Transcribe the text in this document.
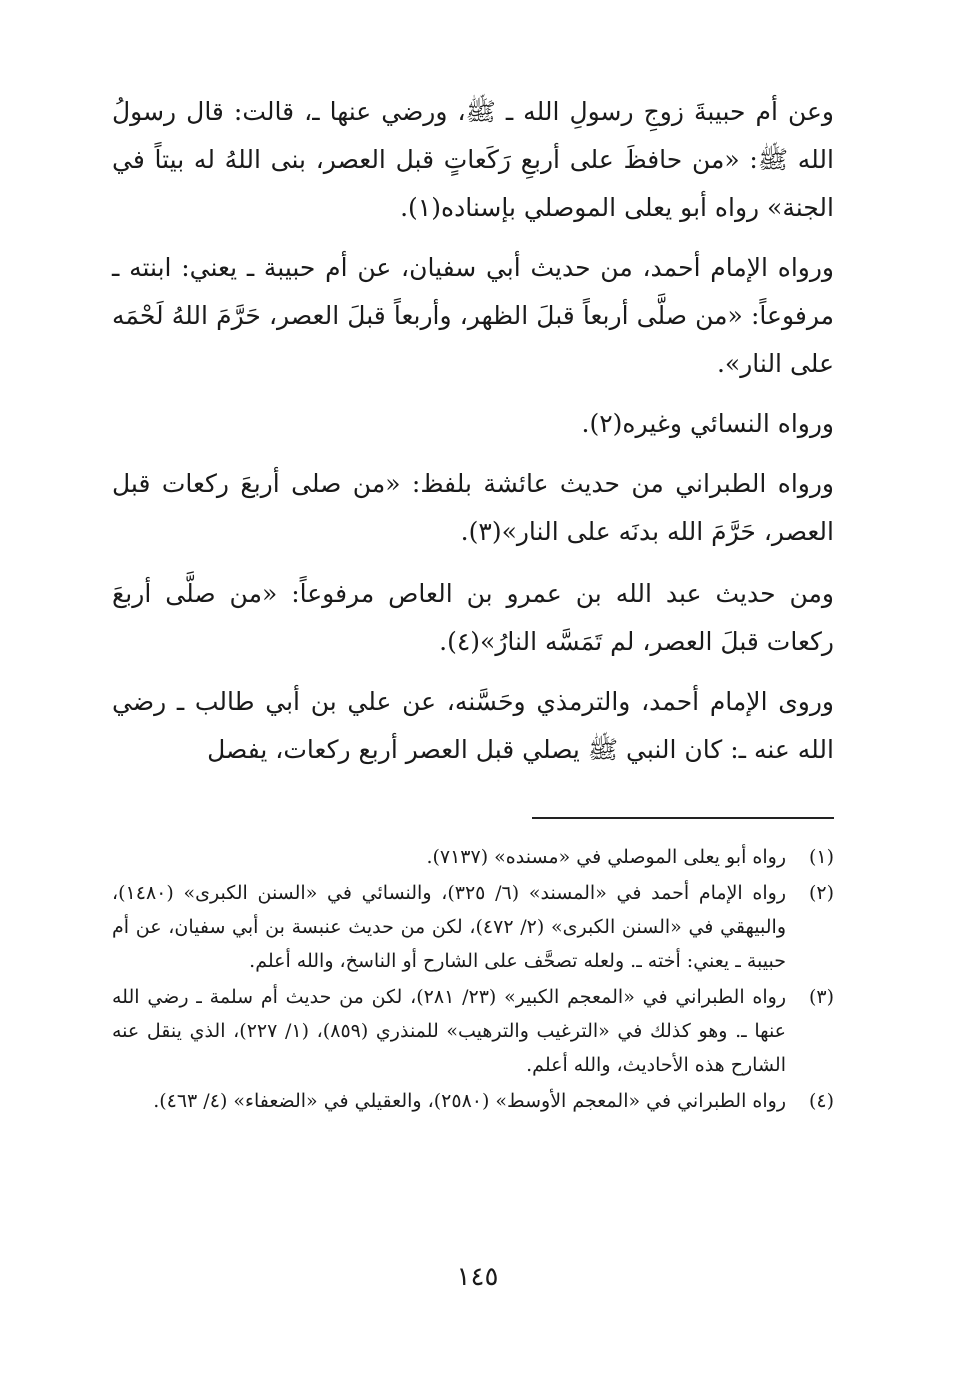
وعن أم حبيبةَ زوجِ رسولِ الله ـ ﷺ، ورضي عنها ـ، قالت: قال رسولُ الله ﷺ: «من حافظَ على أربعِ رَكَعاتٍ قبل العصر، بنى اللهُ له بيتاً في الجنة» رواه أبو يعلى الموصلي بإسناده(١).

ورواه الإمام أحمد، من حديث أبي سفيان، عن أم حبيبة ـ يعني: ابنته ـ مرفوعاً: «من صلَّى أربعاً قبلَ الظهر، وأربعاً قبلَ العصر، حَرَّمَ اللهُ لَحْمَه على النار».

ورواه النسائي وغيره(٢).

ورواه الطبراني من حديث عائشة بلفظ: «من صلى أربعَ ركعات قبل العصر، حَرَّمَ الله بدنَه على النار»(٣).

ومن حديث عبد الله بن عمرو بن العاص مرفوعاً: «من صلَّى أربعَ ركعات قبلَ العصر، لم تَمَسَّه النارُ»(٤).

وروى الإمام أحمد، والترمذي وحَسَّنه، عن علي بن أبي طالب ـ رضي الله عنه ـ: كان النبي ﷺ يصلي قبل العصر أربع ركعات، يفصل

(١)
رواه أبو يعلى الموصلي في «مسنده» (٧١٣٧).
(٢)
رواه الإمام أحمد في «المسند» (٦/ ٣٢٥)، والنسائي في «السنن الكبرى» (١٤٨٠)، والبيهقي في «السنن الكبرى» (٢/ ٤٧٢)، لكن من حديث عنبسة بن أبي سفيان، عن أم حبيبة ـ يعني: أخته ـ. ولعله تصحَّف على الشارح أو الناسخ، والله أعلم.
(٣)
رواه الطبراني في «المعجم الكبير» (٢٣/ ٢٨١)، لكن من حديث أم سلمة ـ رضي الله عنها ـ. وهو كذلك في «الترغيب والترهيب» للمنذري (٨٥٩)، (١/ ٢٢٧)، الذي ينقل عنه الشارح هذه الأحاديث، والله أعلم.
(٤)
رواه الطبراني في «المعجم الأوسط» (٢٥٨٠)، والعقيلي في «الضعفاء» (٤/ ٤٦٣).
١٤٥
